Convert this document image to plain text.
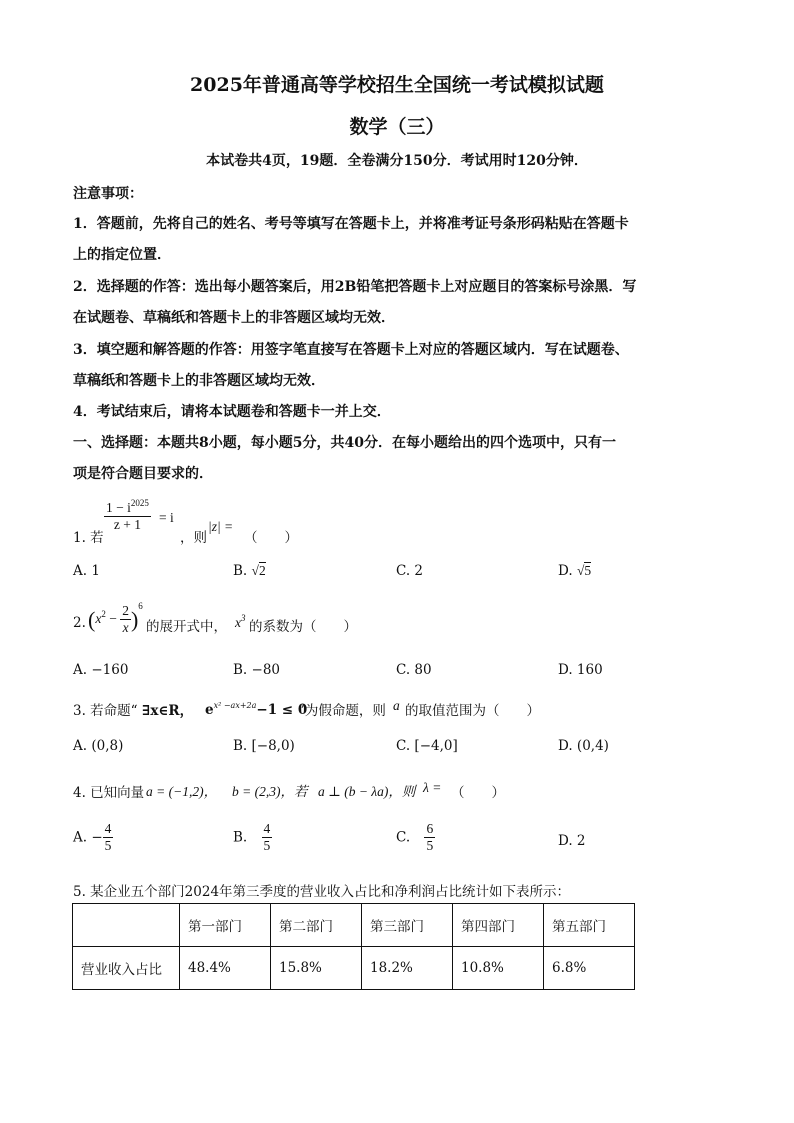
2025年普通高等学校招生全国统一考试模拟试题
数学（三）
本试卷共4页，19题．全卷满分150分．考试用时120分钟．
注意事项：
1．答题前，先将自己的姓名、考号等填写在答题卡上，并将准考证号条形码粘贴在答题卡
上的指定位置．
2．选择题的作答：选出每小题答案后，用2B铅笔把答题卡上对应题目的答案标号涂黑．写
在试题卷、草稿纸和答题卡上的非答题区域均无效．
3．填空题和解答题的作答：用签字笔直接写在答题卡上对应的答题区域内．写在试题卷、
草稿纸和答题卡上的非答题区域均无效．
4．考试结束后，请将本试题卷和答题卡一并上交．
一、选择题：本题共8小题，每小题5分，共40分．在每小题给出的四个选项中，只有一
项是符合题目要求的．
1. 若
$\frac{1 - i^{2025}}{z + 1} = i$
，则
|z| =
（　　）
A. 1	B. √2	C. 2	D. √5
2. $(x^2 - \frac{2}{x} )^6$
的展开式中， $x^3$
的系数为（　　）
A. −160	B. −80	C. 80	D. 160
3. 若命题“ ∃x∈R， $e^{x^2 -ax+2a}-1 \le 0$
”为假命题，则 a 的取值范围为（　　）
A. (0,8)	B. [−8,0)	C. [−4,0]	D. (0,4)
4. 已知向量 a = (−1,2)， b = (2,3)，若 a ⊥ (b − λa)，则 λ = （　　）
A. − $\frac{4}{5}$	B. $\frac{4}{5}$	C. $\frac{6}{5}$	D. 2
5. 某企业五个部门2024年第三季度的营业收入占比和净利润占比统计如下表所示：
	第一部门	第二部门	第三部门	第四部门	第五部门
营业收入占比	48.4%	15.8%	18.2%	10.8%	6.8%
